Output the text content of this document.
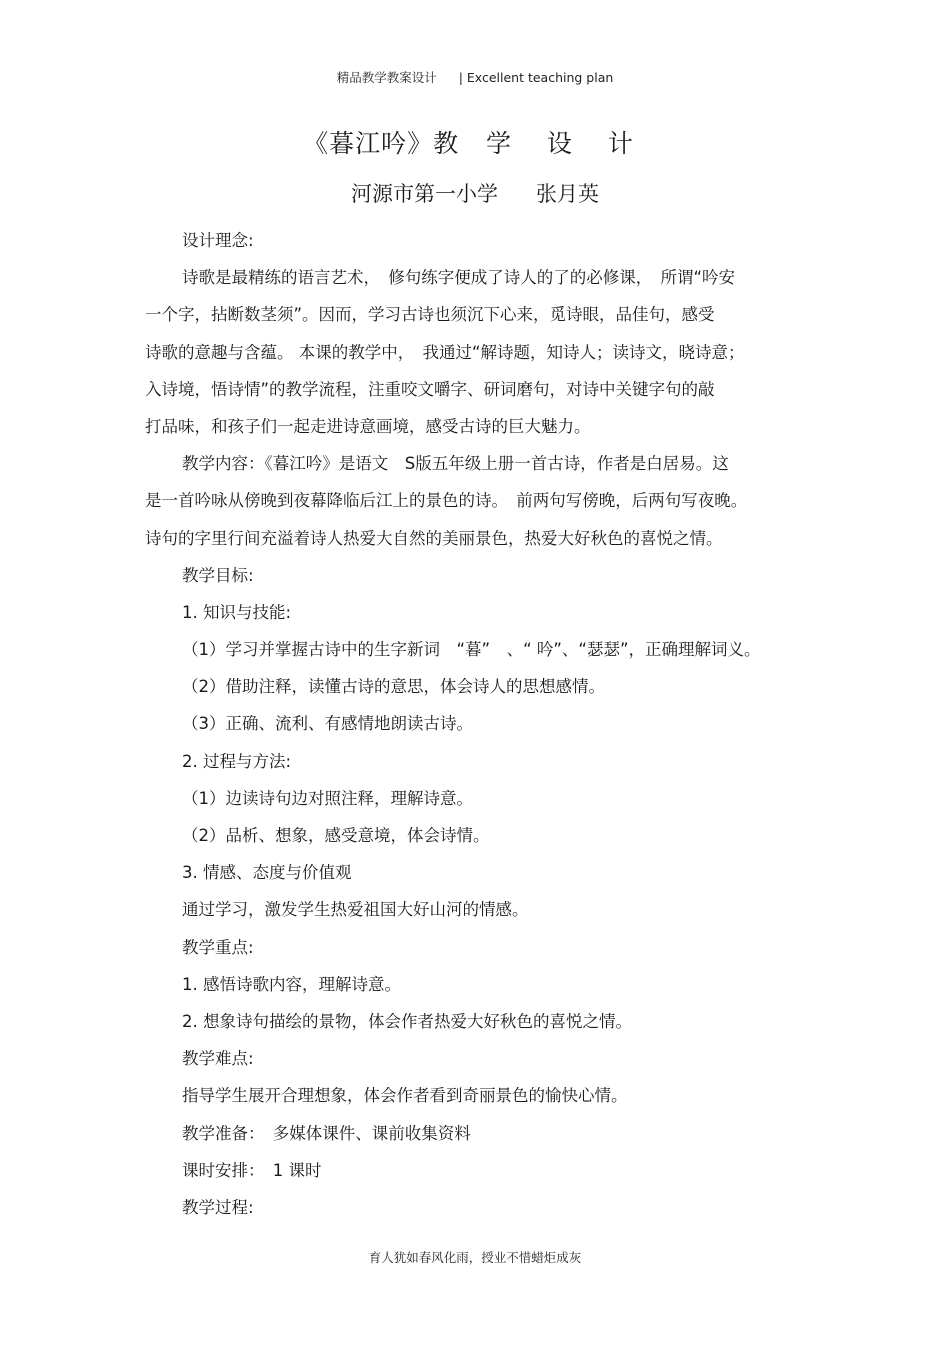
精品教学教案设计 | Excellent teaching plan
《暮江吟》教 学 设 计
河源市第一小学 张月英
设计理念:
诗歌是最精练的语言艺术，　修句练字便成了诗人的了的必修课，　所谓“吟安
一个字，拈断数茎须”。因而，学习古诗也须沉下心来，觅诗眼，品佳句，感受
诗歌的意趣与含蕴。 本课的教学中，　我通过“解诗题，知诗人；读诗文，晓诗意；
入诗境，悟诗情”的教学流程，注重咬文嚼字、研词磨句，对诗中关键字句的敲
打品味，和孩子们一起走进诗意画境，感受古诗的巨大魅力。
教学内容：《暮江吟》是语文　S版五年级上册一首古诗，作者是白居易。这
是一首吟咏从傍晚到夜幕降临后江上的景色的诗。　前两句写傍晚，后两句写夜晚。
诗句的字里行间充溢着诗人热爱大自然的美丽景色，热爱大好秋色的喜悦之情。
教学目标:
1. 知识与技能:
（1）学习并掌握古诗中的生字新词　“暮”　、“ 吟”、“瑟瑟”，正确理解词义。
（2）借助注释，读懂古诗的意思，体会诗人的思想感情。
（3）正确、流利、有感情地朗读古诗。
2. 过程与方法:
（1）边读诗句边对照注释，理解诗意。
（2）品析、想象，感受意境，体会诗情。
3. 情感、态度与价值观
通过学习，激发学生热爱祖国大好山河的情感。
教学重点:
1. 感悟诗歌内容，理解诗意。
2. 想象诗句描绘的景物，体会作者热爱大好秋色的喜悦之情。
教学难点:
指导学生展开合理想象，体会作者看到奇丽景色的愉快心情。
教学准备：　多媒体课件、课前收集资料
课时安排：　1 课时
教学过程:
育人犹如春风化雨，授业不惜蜡炬成灰
